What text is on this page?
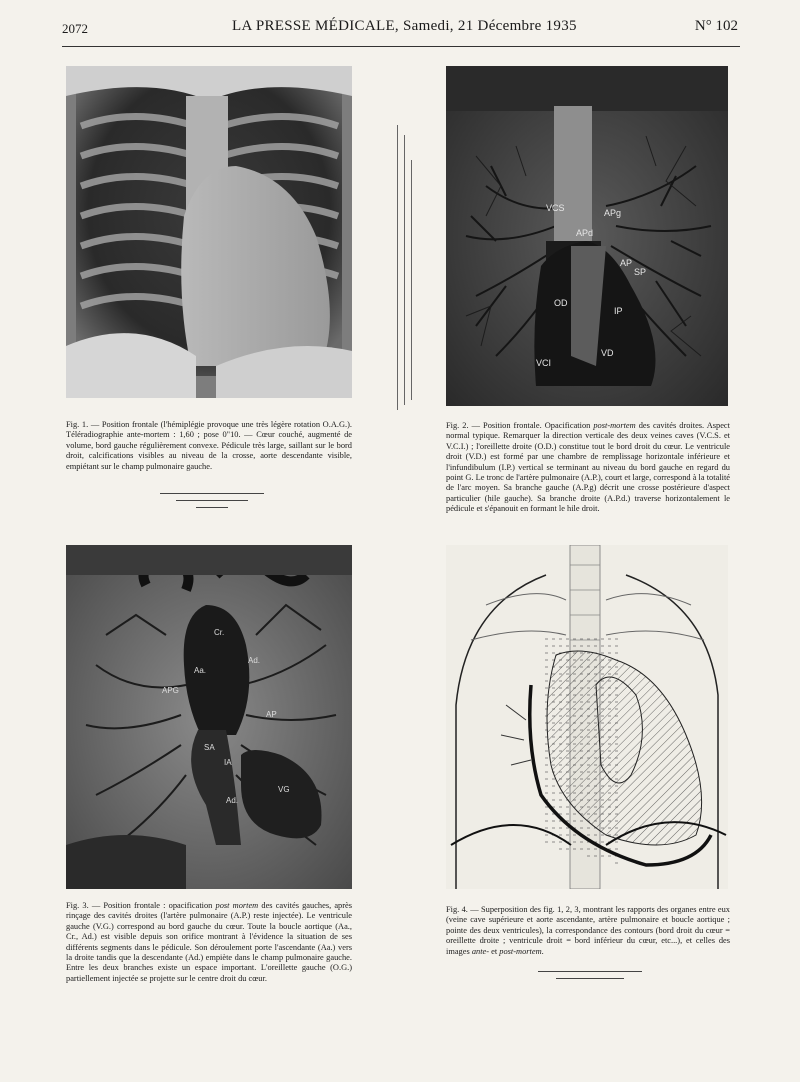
2072	LA PRESSE MÉDICALE, Samedi, 21 Décembre 1935	N° 102
VCS	APg
APd
AP
SP
OD
IP
VD
VCI
Cr.
Aa.
Ad.
APG
AP
SA
IA
Ad.
VG
Fig. 1. — Position frontale (l'hémiplégie provoque une très légère rotation O.A.G.). Téléradiographie ante-mortem : 1,60 ; pose 0"10. — Cœur couché, augmenté de volume, bord gauche régulièrement convexe. Pédicule très large, saillant sur le bord droit, calcifications visibles au niveau de la crosse, aorte descendante visible, empiétant sur le champ pulmonaire gauche.
Fig. 2. — Position frontale. Opacification post-mortem des cavités droites. Aspect normal typique. Remarquer la direction verticale des deux veines caves (V.C.S. et V.C.I.) ; l'oreillette droite (O.D.) constitue tout le bord droit du cœur. Le ventricule droit (V.D.) est formé par une chambre de remplissage horizontale inférieure et l'infundibulum (I.P.) vertical se terminant au niveau du bord gauche en regard du point G. Le tronc de l'artère pulmonaire (A.P.), court et large, correspond à la totalité de l'arc moyen. Sa branche gauche (A.P.g) décrit une crosse postérieure d'aspect particulier (hile gauche). Sa branche droite (A.P.d.) traverse horizontalement le pédicule et s'épanouit en formant le hile droit.
Fig. 3. — Position frontale : opacification post mortem des cavités gauches, après rinçage des cavités droites (l'artère pulmonaire (A.P.) reste injectée). Le ventricule gauche (V.G.) correspond au bord gauche du cœur. Toute la boucle aortique (Aa., Cr., Ad.) est visible depuis son orifice montrant à l'évidence la situation de ses différents segments dans le pédicule. Son déroulement porte l'ascendante (Aa.) vers la droite tandis que la descendante (Ad.) empiète dans le champ pulmonaire gauche. Entre les deux branches existe un espace important. L'oreillette gauche (O.G.) partiellement injectée se projette sur le centre droit du cœur.
Fig. 4. — Superposition des fig. 1, 2, 3, montrant les rapports des organes entre eux (veine cave supérieure et aorte ascendante, artère pulmonaire et boucle aortique ; pointe des deux ventricules), la correspondance des contours (bord droit du cœur = oreillette droite ; ventricule droit = bord inférieur du cœur, etc...), et celles des images ante- et post-mortem.
